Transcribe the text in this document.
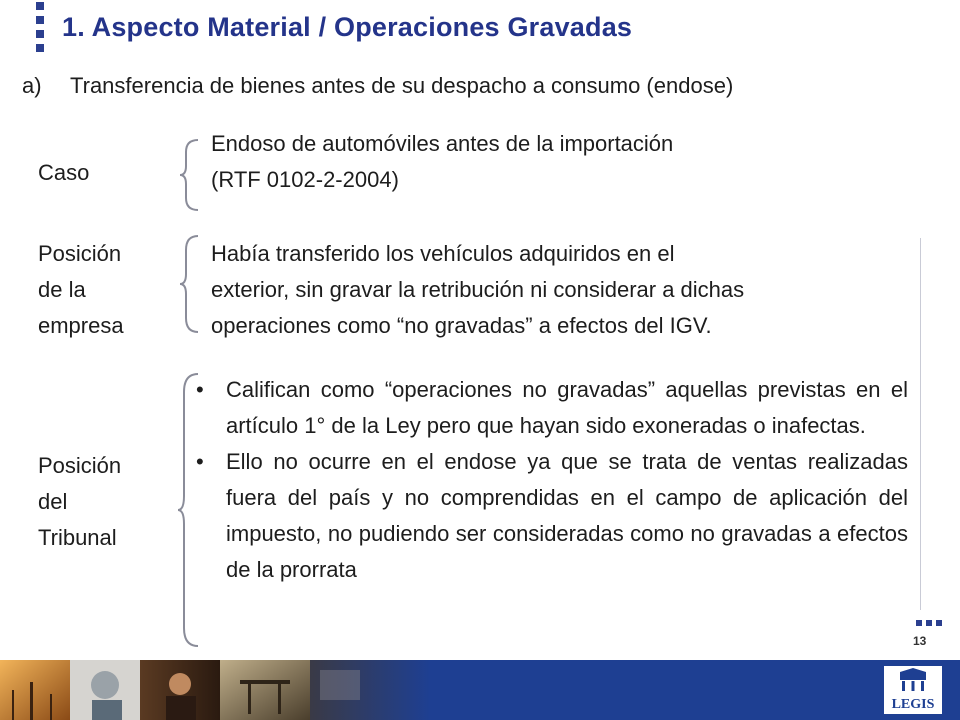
1. Aspecto Material / Operaciones Gravadas
a) Transferencia de bienes antes de su despacho a consumo (endose)
Caso
Endoso de automóviles antes de la importación
(RTF 0102-2-2004)
Posición
de la
empresa
Había transferido los vehículos adquiridos en el
exterior, sin gravar la retribución ni considerar a dichas
operaciones como “no gravadas” a efectos del IGV.
Posición
del
Tribunal
• Califican como “operaciones no gravadas” aquellas previstas en el artículo 1° de la Ley pero que hayan sido exoneradas o inafectas.
• Ello no ocurre en el endose ya que se trata de ventas realizadas fuera del país y no comprendidas en el campo de aplicación del impuesto, no pudiendo ser consideradas como no gravadas a efectos de la prorrata
13
LEGIS
